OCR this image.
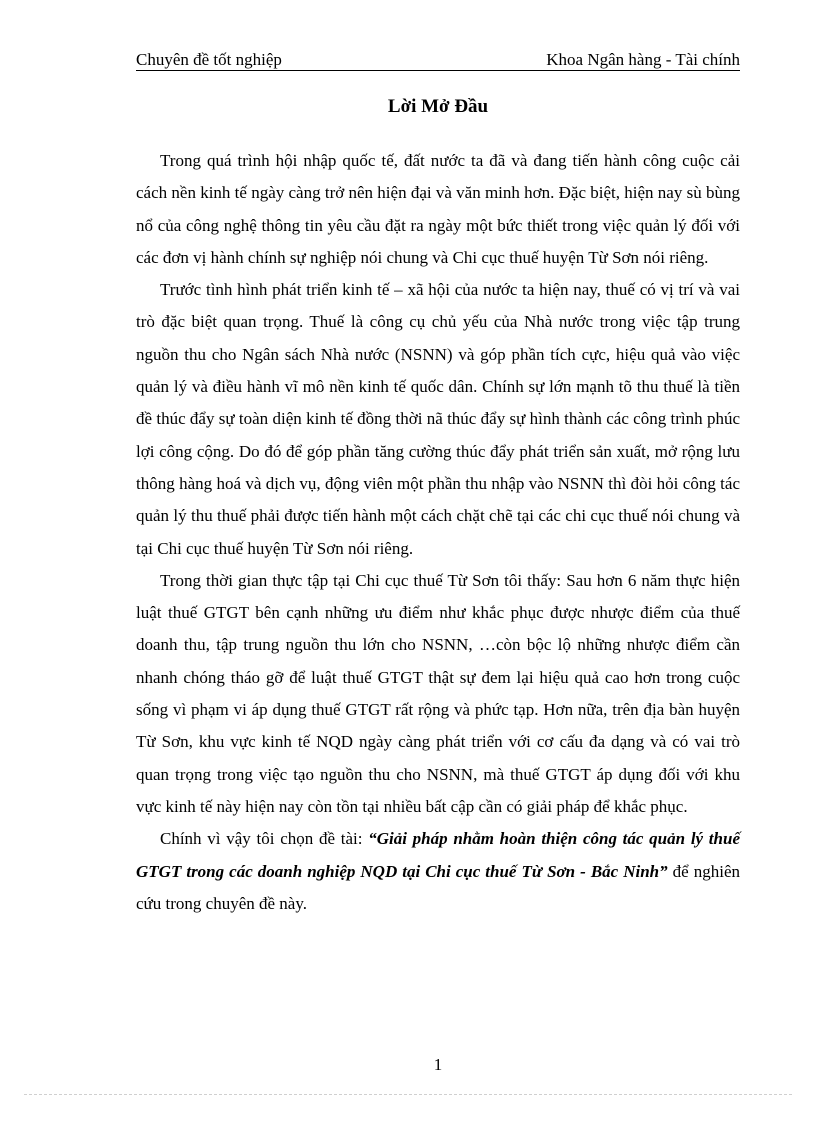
Chuyên đề tốt nghiệp	Khoa Ngân hàng - Tài chính
Lời Mở Đầu

Trong quá trình hội nhập quốc tế, đất nước ta đã và đang tiến hành công cuộc cải cách nền kinh tế ngày càng trở nên hiện đại và văn minh hơn. Đặc biệt, hiện nay sù bùng nổ của công nghệ thông tin yêu cầu đặt ra ngày một bức thiết trong việc quản lý đối với các đơn vị hành chính sự nghiệp nói chung và Chi cục thuế huyện Từ Sơn nói riêng.

Trước tình hình phát triển kinh tế – xã hội của nước ta hiện nay, thuế có vị trí và vai trò đặc biệt quan trọng. Thuế là công cụ chủ yếu của Nhà nước trong việc tập trung nguồn thu cho Ngân sách Nhà nước (NSNN) và góp phần tích cực, hiệu quả vào việc quản lý và điều hành vĩ mô nền kinh tế quốc dân. Chính sự lớn mạnh tõ thu thuế là tiền đề thúc đẩy sự toàn diện kinh tế đồng thời nã thúc đẩy sự hình thành các công trình phúc lợi công cộng. Do đó để góp phần tăng cường thúc đẩy phát triển sản xuất, mở rộng lưu thông hàng hoá và dịch vụ, động viên một phần thu nhập vào NSNN thì đòi hỏi công tác quản lý thu thuế phải được tiến hành một cách chặt chẽ tại các chi cục thuế nói chung và tại Chi cục thuế huyện Từ Sơn nói riêng.

Trong thời gian thực tập tại Chi cục thuế Từ Sơn tôi thấy: Sau hơn 6 năm thực hiện luật thuế GTGT bên cạnh những ưu điểm như khắc phục được nhược điểm của thuế doanh thu, tập trung nguồn thu lớn cho NSNN, …còn bộc lộ những nhược điểm cần nhanh chóng tháo gỡ để luật thuế GTGT thật sự đem lại hiệu quả cao hơn trong cuộc sống vì phạm vi áp dụng thuế GTGT rất rộng và phức tạp. Hơn nữa, trên địa bàn huyện Từ Sơn, khu vực kinh tế NQD ngày càng phát triển với cơ cấu đa dạng và có vai trò quan trọng trong việc tạo nguồn thu cho NSNN, mà thuế GTGT áp dụng đối với khu vực kinh tế này hiện nay còn tồn tại nhiều bất cập cần có giải pháp để khắc phục.

Chính vì vậy tôi chọn đề tài: “Giải pháp nhằm hoàn thiện công tác quản lý thuế GTGT trong các doanh nghiệp NQD tại Chi cục thuế Từ Sơn - Bắc Ninh” để nghiên cứu trong chuyên đề này.

1
